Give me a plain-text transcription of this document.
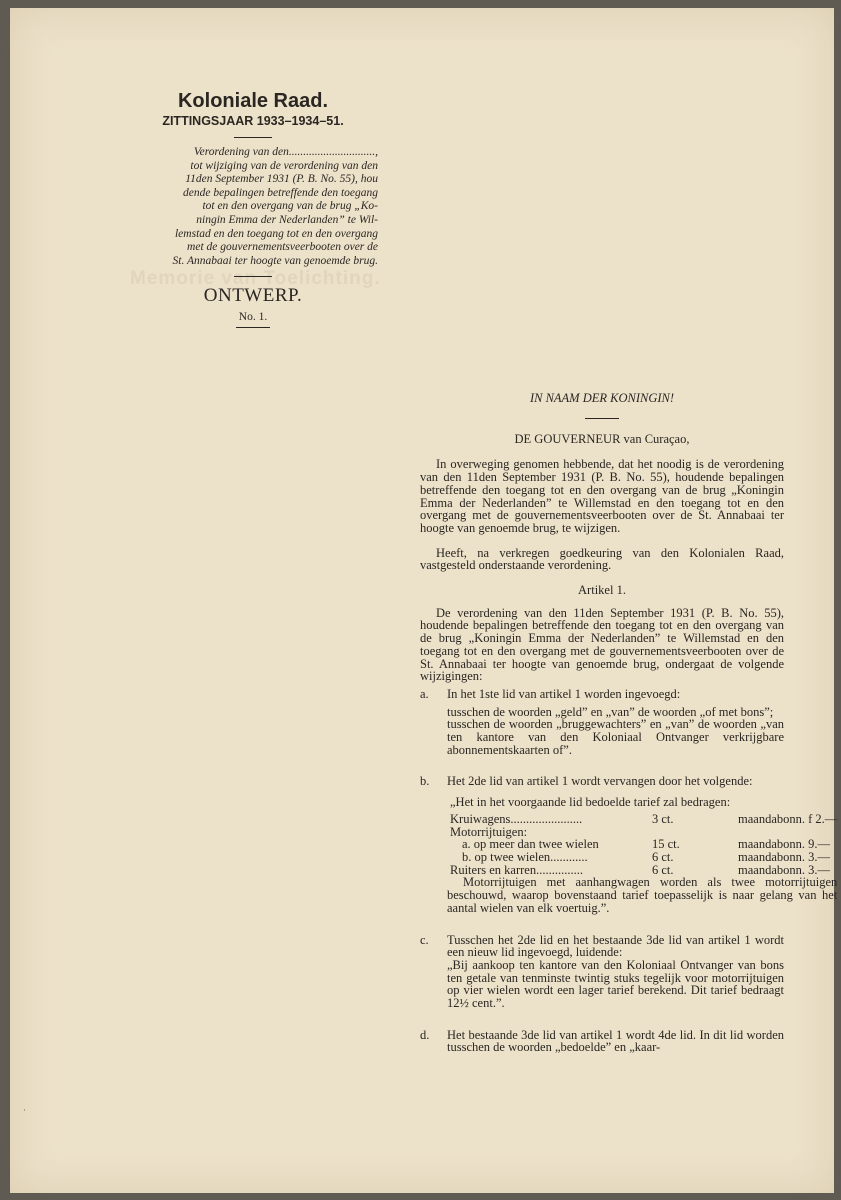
Memorie van Toelichting.
Koloniale Raad.
ZITTINGSJAAR 1933–1934–51.
Verordening van den..............................,
tot wijziging van de verordening van den
11den September 1931 (P. B. No. 55), hou
dende bepalingen betreffende den toegang
tot en den overgang van de brug „Ko-
ningin Emma der Nederlanden” te Wil-
lemstad en den toegang tot en den overgang
met de gouvernementsveerbooten over de
St. Annabaai ter hoogte van genoemde brug.
ONTWERP.
No. 1.
IN NAAM DER KONINGIN!
DE GOUVERNEUR van Curaçao,

In overweging genomen hebbende, dat het noodig is de verordening van den 11den September 1931 (P. B. No. 55), houdende bepalingen betreffende den toegang tot en den overgang van de brug „Koningin Emma der Nederlanden” te Willemstad en den toegang tot en den overgang met de gouvernementsveerbooten over de St. Annabaai ter hoogte van genoemde brug, te wijzigen.

Heeft, na verkregen goedkeuring van den Kolonialen Raad, vastgesteld onderstaande verordening.

Artikel 1.

De verordening van den 11den September 1931 (P. B. No. 55), houdende bepalingen betreffende den toegang tot en den overgang van de brug „Koningin Emma der Nederlanden” te Willemstad en den toegang tot en den overgang met de gouvernementsveerbooten over de St. Annabaai ter hoogte van genoemde brug, ondergaat de volgende wijzigingen:

a.	In het 1ste lid van artikel 1 worden ingevoegd:
tusschen de woorden „geld” en „van” de woorden „of met bons”;
tusschen de woorden „bruggewachters” en „van” de woorden „van ten kantore van den Koloniaal Ontvanger verkrijgbare abonnementskaarten of”.
b.	Het 2de lid van artikel 1 wordt vervangen door het volgende:
„Het in het voorgaande lid bedoelde tarief zal bedragen:
Kruiwagens.......................	3 ct.	maandabonn. f 2.—
Motorrijtuigen:
a. op meer dan twee wielen	15 ct.	maandabonn. 9.—
b. op twee wielen............	6 ct.	maandabonn. 3.—
Ruiters en karren...............	6 ct.	maandabonn. 3.—
Motorrijtuigen met aanhangwagen worden als twee motorrijtuigen beschouwd, waarop bovenstaand tarief toepasselijk is naar gelang van het aantal wielen van elk voertuig.”.
c.	Tusschen het 2de lid en het bestaande 3de lid van artikel 1 wordt een nieuw lid ingevoegd, luidende:
„Bij aankoop ten kantore van den Koloniaal Ontvanger van bons ten getale van tenminste twintig stuks tegelijk voor motorrijtuigen op vier wielen wordt een lager tarief berekend. Dit tarief bedraagt 12½ cent.”.
d.	Het bestaande 3de lid van artikel 1 wordt 4de lid. In dit lid worden tusschen de woorden „bedoelde” en „kaar-
·
